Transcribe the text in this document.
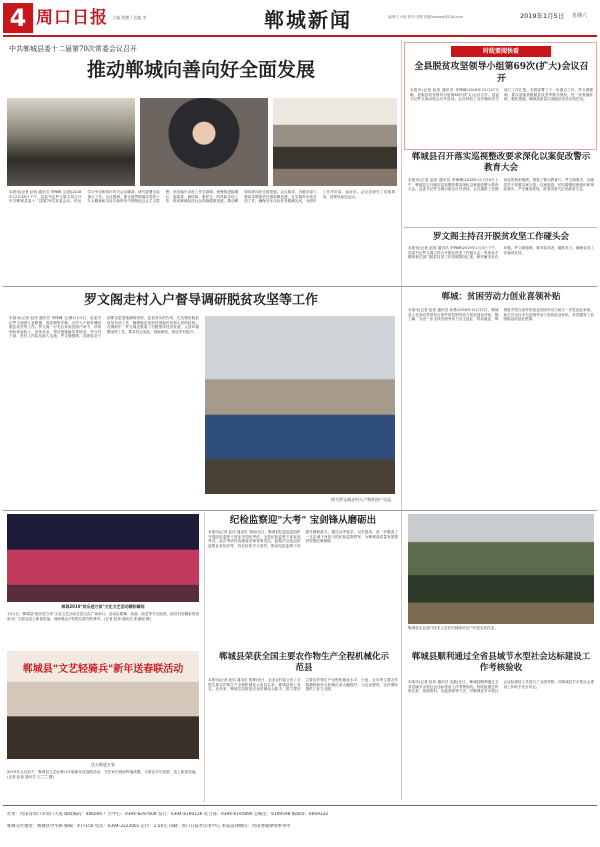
4 周口日报 主编 程鹏 / 美编 李	郸城新闻	编辑:王小明 校对:刘婷 投稿:dcxww@126.com	2019年1月5日 星期六
中共郸城县委十二届第70次常委会议召开
推动郸城向善向好全面发展
本报讯(记者 赵伟 通讯员 李锋峰 文/图)2018年12月28日下午，县委书记罗文阁主持召开中共郸城县委十二届第70次常委会议。传达学习中央和省市有关会议精神，研究部署全县重点工作。会议强调，要全面贯彻落实党的十九大精神和习近平新时代中国特色社会主义思想，坚持稳中求进工作总基调，统筹推进稳增长、促改革、调结构、惠民生、防风险各项工作，推动郸城经济社会持续健康发展，推动郸城向善向好全面发展。会议要求，各级各部门要切实增强责任感和紧迫感，扎实做好年底各项工作，确保全年目标任务圆满完成，为明年工作开好局、起好步。会议还研究了其他事项。县领导参加会议。
时政要闻快看
全县脱贫攻坚领导小组第69次(扩大)会议召开
本报讯(记者 赵伟 通讯员 李锋峰)2018年12月27日晚，县脱贫攻坚领导小组第69次(扩大)会议召开。县委书记罗文阁出席会议并讲话。会议听取了各乡镇和有关部门工作汇报，安排部署了下一步重点工作。罗文阁强调，要以迎接省级脱贫攻坚考核为契机，进一步查漏补缺、强化措施，确保高质量完成脱贫攻坚各项任务。
郸城县召开落实巡视整改要求深化以案促改警示教育大会
本报讯(记者 赵伟 通讯员 李锋峰)2018年12月29日上午，郸城县召开落实巡视整改要求深化以案促改警示教育大会。县委书记罗文阁出席会议并讲话。会议通报了近期查处的典型案例，观看了警示教育片。罗文阁要求，各级党员干部要以案为鉴、以案促改，切实增强纪律意识和规矩意识，严守廉洁底线，营造风清气正的政治生态。
罗文阁主持召开脱贫攻坚工作碰头会
本报讯(记者 赵伟 通讯员 李锋峰)2019年1月3日下午，县委书记罗文阁主持召开脱贫攻坚工作碰头会，听取各乡镇和相关部门脱贫攻坚工作进展情况汇报，研究解决存在问题。罗文阁强调，要对标对表、精准发力，确保各项工作落到实处。
罗文阁走村入户督导调研脱贫攻坚等工作
本报讯(记者 赵伟 通讯员 李锋峰 文/图)1月2日，县委书记罗文阁深入宜路镇、汲冢镇等乡镇，走村入户督导调研脱贫攻坚等工作。罗文阁一行先后来到贫困户家中，详细询问家庭收入、身体状况、帮扶措施落实等情况，并与村干部、驻村工作队员深入交流。罗文阁强调，各级党员干部要以更加饱满的热情、更加务实的作风，扎实做好脱贫攻坚各项工作，确保脱贫成效经得起历史和人民的检验。在调研中，罗文阁还察看了村级集体经济发展、人居环境整治等工作，要求结合实际，因地制宜，推动乡村振兴。
图为罗文阁走村入户和贫困户交谈。
郸城：贫困劳动力创业喜领补贴
本报讯(记者 赵伟 通讯员 孙勇)2018年12月27日，郸城县人社局向首批符合条件的贫困劳动力发放创业补贴。据了解，为进一步支持贫困劳动力自主创业、带动就业，郸城县对符合条件的创业贫困劳动力给予一次性创业补贴。此次共为百余名贫困劳动力发放创业补贴，有效激发了贫困群众的创业热情。
郸城2019"欢乐进万家"文化文艺活动精彩瞬间
1月2日，郸城县"欢乐进万家"文化文艺活动在县文化广场举行。活动由歌舞、戏曲、曲艺等节目组成，演员们用精彩的表演为广大群众送上新春祝福，现场观众不时报以热烈的掌声。(记者 赵伟 通讯员 张丽丽 摄)
郸城县"文艺轻骑兵"新年送春联活动
送万联进万家
2019年元旦前夕，郸城县文艺轻骑兵开展新年送春联活动，书法家们现场挥毫泼墨，为群众书写春联，送上新春祝福。(记者 赵伟 通讯员 王兰兰 摄)
纪检监察迎"大考" 宝剑锋从磨砺出
本报讯(记者 赵伟 通讯员 刘丽)近日，郸城县纪委监委组织开展纪检监察干部业务知识考试，全县纪检监察干部参加考试。此次考试内容涵盖党章党规党纪、监察法以及纪检监察业务知识等，旨在检验学习成效，推动纪检监察干部提升履职能力。通过以考促学、以学促用，进一步锻造了一支忠诚干净担当的纪检监察铁军，为郸城高质量发展提供坚强纪律保障。
郸城县荣获全国主要农作物生产全程机械化示范县
本报讯(记者 赵伟 通讯员 张辉)近日，农业农村部公布了全国主要农作物生产全程机械化示范县名单，郸城县榜上有名。近年来，郸城县以推进农业机械化为抓手，着力提升主要农作物生产全程机械化水平，小麦、玉米等主要农作物耕种收综合机械化率大幅提升，为农业增效、农民增收提供了有力支撑。
郸城县农业部门技术人员在田间指导农户开展农机作业。
郸城县顺利通过全省县域节水型社会达标建设工作考核验收
本报讯(记者 赵伟 通讯员 吴磊)近日，郸城县顺利通过全省县域节水型社会达标建设工作考核验收。验收组通过听取汇报、查阅资料、实地查看等方式，对郸城县节水型社会达标建设工作进行了全面考核，对郸城县节水型社会建设工作给予充分肯定。
社址：河南省周口市周口大道 邮政编码：466000 广告中心：0394-8297608 发行：0394-6190126 综合部：0394-6195890 总编室：6199598 编辑部：6669333
郸城分社地址：郸城县中华路 邮编：477150 电话：0394-3222001 定价：1.50元 印刷：周口日报社印务中心 本报法律顾问：河南博通律师事务所
